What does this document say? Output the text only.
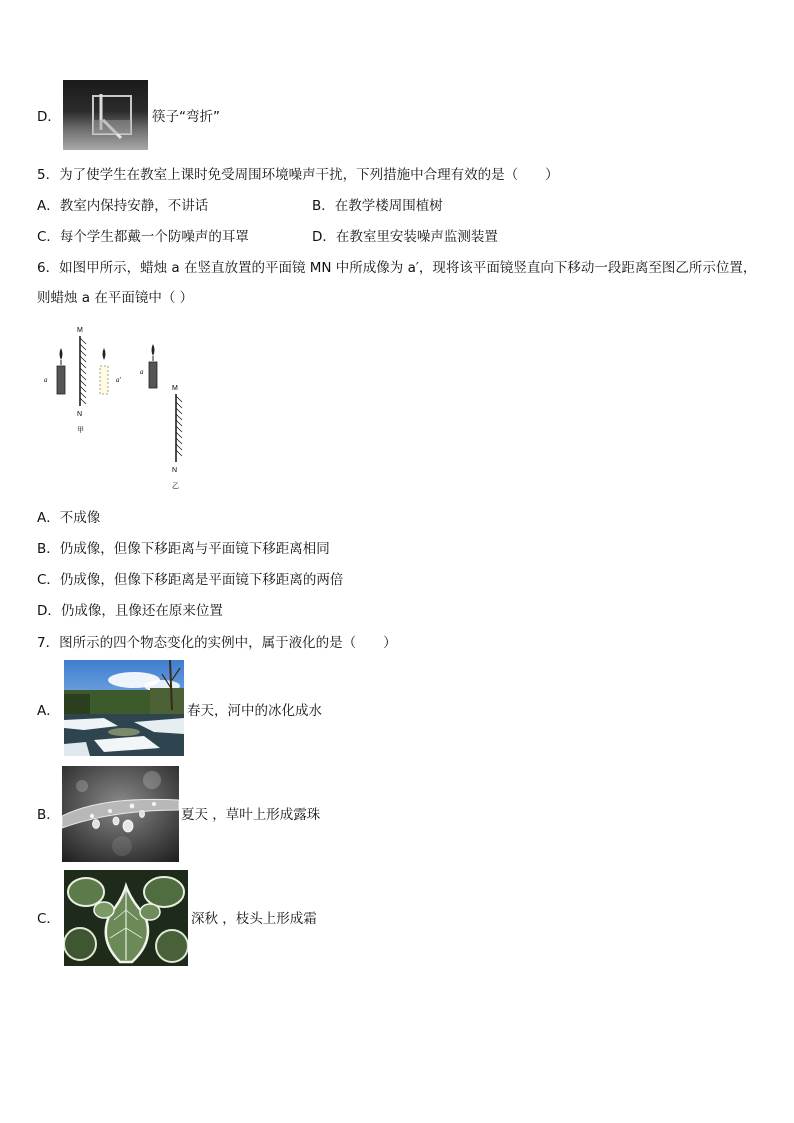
D．	筷子“弯折”
5．为了使学生在教室上课时免受周围环境噪声干扰，下列措施中合理有效的是（　　）
A．教室内保持安静，不讲话	B．在教学楼周围植树
C．每个学生都戴一个防噪声的耳罩	D．在教室里安装噪声监测装置
6．如图甲所示，蜡烛 a 在竖直放置的平面镜 MN 中所成像为 a′，现将该平面镜竖直向下移动一段距离至图乙所示位置，
则蜡烛 a 在平面镜中（ ）
a
M
N
甲
a'
a
M
N
乙
A．不成像
B．仍成像，但像下移距离与平面镜下移距离相同
C．仍成像，但像下移距离是平面镜下移距离的两倍
D．仍成像，且像还在原来位置
7．图所示的四个物态变化的实例中，属于液化的是（　　）
A．	春天，河中的冰化成水
B．	夏天 ，草叶上形成露珠
C．	深秋 ，枝头上形成霜
